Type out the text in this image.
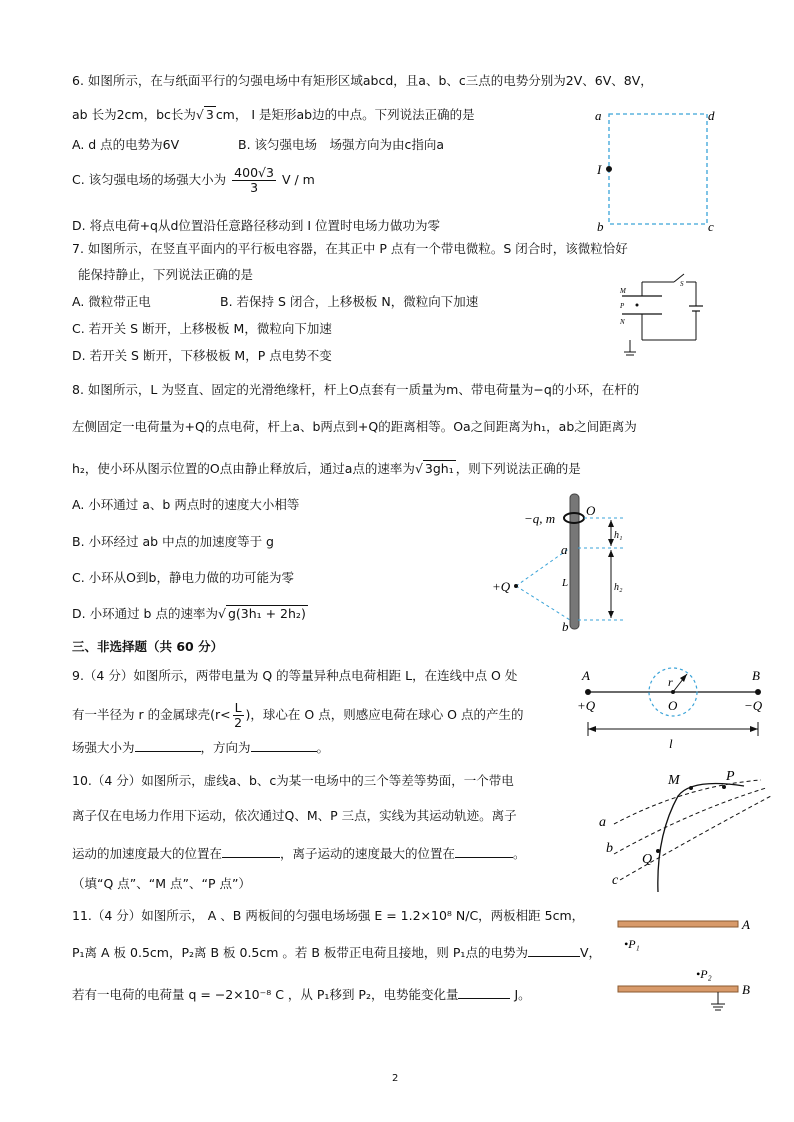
6. 如图所示，在与纸面平行的匀强电场中有矩形区域abcd，且a、b、c三点的电势分别为2V、6V、8V，
ab 长为2cm，bc长为√ 3 cm， I 是矩形ab边的中点。下列说法正确的是
A. d 点的电势为6V	B. 该匀强电场　场强方向为由c指向a
C. 该匀强电场的场强大小为 $\frac{400√3}{3}$ V / m
D. 将点电荷+q从d位置沿任意路径移动到 I 位置时电场力做功为零
a	d
I
b	c
7. 如图所示，在竖直平面内的平行板电容器，在其正中 P 点有一个带电微粒。S 闭合时，该微粒恰好
能保持静止，下列说法正确的是
A. 微粒带正电	B. 若保持 S 闭合，上移极板 N，微粒向下加速
C. 若开关 S 断开，上移极板 M，微粒向下加速
D. 若开关 S 断开，下移极板 M，P 点电势不变
M
P
N
S
8. 如图所示，L 为竖直、固定的光滑绝缘杆，杆上O点套有一质量为m、带电荷量为−q的小环，在杆的
左侧固定一电荷量为+Q的点电荷，杆上a、b两点到+Q的距离相等。Oa之间距离为h₁，ab之间距离为
h₂，使小环从图示位置的O点由静止释放后，通过a点的速率为√ 3gh₁ ，则下列说法正确的是
A. 小环通过 a、b 两点时的速度大小相等
B. 小环经过 ab 中点的加速度等于 g
C. 小环从O到b，静电力做的功可能为零
D. 小环通过 b 点的速率为√ g(3h₁ + 2h₂)
−q, m
O
h₁
a
L	h₂
+Q
b
三、非选择题（共 60 分）
9.（4 分）如图所示，两带电量为 Q 的等量异种点电荷相距 L，在连线中点 O 处
有一半径为 r 的金属球壳($r< \frac{L}{2}$ )，球心在 O 点，则感应电荷在球心 O 点的产生的
场强大小为	，方向为	。
A	B
+Q	−Q
O
r
l
10.（4 分）如图所示，虚线a、b、c为某一电场中的三个等差等势面，一个带电
离子仅在电场力作用下运动，依次通过Q、M、P 三点，实线为其运动轨迹。离子
运动的加速度最大的位置在	，离子运动的速度最大的位置在	。
（填“Q 点”、“M 点”、“P 点”）
M	P
a
b
Q
c
11.（4 分）如图所示， A 、B 两板间的匀强电场场强 E = 1.2×10⁸ N/C，两板相距 5cm，
P₁离 A 板 0.5cm，P₂离 B 板 0.5cm 。若 B 板带正电荷且接地，则 P₁点的电势为	V，
若有一电荷的电荷量 q = −2×10⁻⁸ C ，从 P₁移到 P₂，电势能变化量	J。
A
B
•P₁
•P₂
2
